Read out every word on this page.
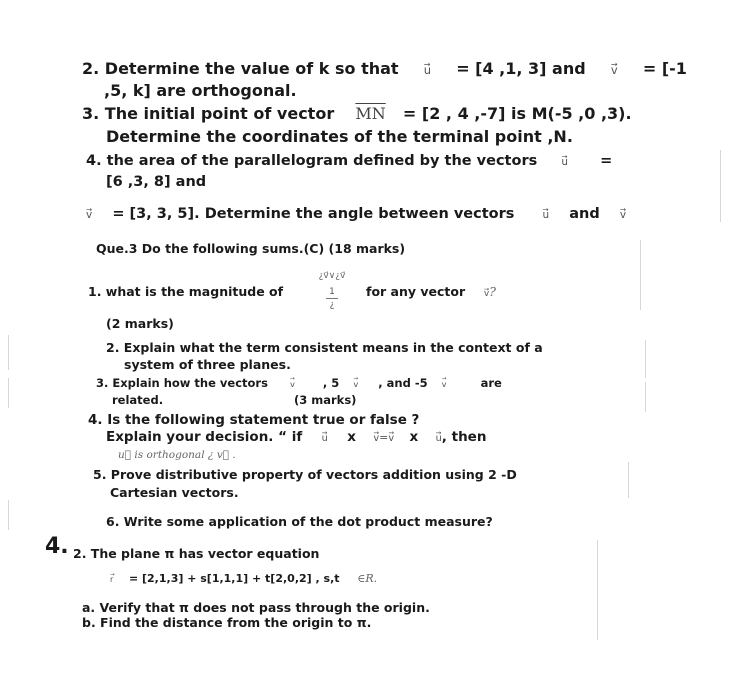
2. Determine the value of k so that → u = [4 ,1, 3] and → v = [-1
,5, k] are orthogonal.
3. The initial point of vector $\overline{MN} = [2$ , 4 ,-7] is M(-5 ,0 ,3).
Determine the coordinates of the terminal point ,N.
4. the area of the parallelogram defined by the vectors → u =
[6 ,3, 8] and
→ v = [3, 3, 5]. Determine the angle between vectors	→ u and → v
Que.3 Do the following sums.(C) (18 marks)
¿v⃗∨¿v⃗
1
¿
1. what is the magnitude of	for any vector → v?
(2 marks)
2. Explain what the term consistent means in the context of a
system of three planes.
3. Explain how the vectors	→ v , 5 → v , and -5 → v	are
related.	(3 marks)
4. Is the following statement true or false ?
Explain your decision. “ if → u x → v=→ v x → u, then
u⃗ is orthogonal ¿ v⃗ .
5. Prove distributive property of vectors addition using 2 -D
Cartesian vectors.
6. Write some application of the dot product measure?
4. 2. The plane π has vector equation
→ r = [2,1,3] + s[1,1,1] + t[2,0,2] , s,t ∈R.
a. Verify that π does not pass through the origin.
b. Find the distance from the origin to π.
